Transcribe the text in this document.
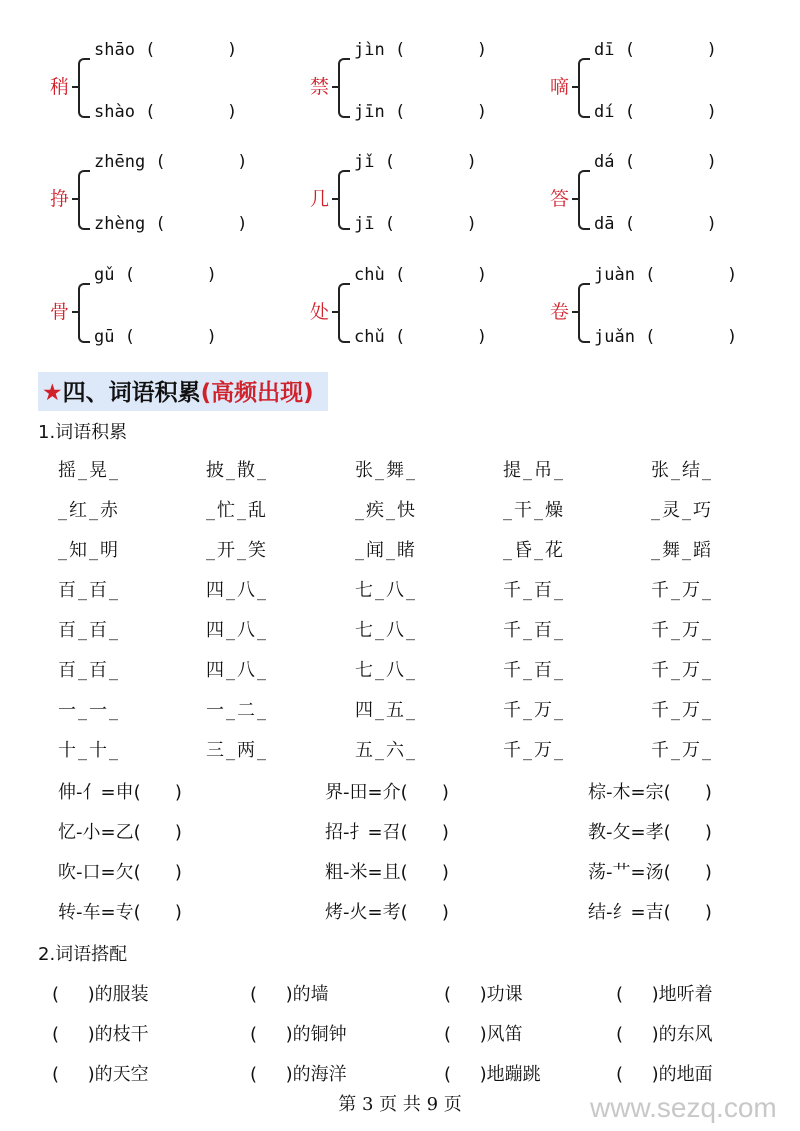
稍
shāo (       )
shào (       )
禁
jìn (       )
jīn (       )
嘀
dī (       )
dí (       )
挣
zhēng (       )
zhèng (       )
几
jǐ (       )
jī (       )
答
dá (       )
dā (       )
骨
gǔ (       )
gū (       )
处
chù (       )
chǔ (       )
卷
juàn (       )
juǎn (       )
★四、词语积累(高频出现)
1.词语积累
摇_晃_	披_散_	张_舞_	提_吊_	张_结_
_红_赤	_忙_乱	_疾_快	_干_燥	_灵_巧
_知_明	_开_笑	_闻_睹	_昏_花	_舞_蹈
百_百_	四_八_	七_八_	千_百_	千_万_
百_百_	四_八_	七_八_	千_百_	千_万_
百_百_	四_八_	七_八_	千_百_	千_万_
一_一_	一_二_	四_五_	千_万_	千_万_
十_十_	三_两_	五_六_	千_万_	千_万_
伸-亻=申(      )	界-田=介(      )	棕-木=宗(      )
忆-小=乙(      )	招-扌=召(      )	教-攵=孝(      )
吹-口=欠(      )	粗-米=且(      )	荡-艹=汤(      )
转-车=专(      )	烤-火=考(      )	结-纟=吉(      )
2.词语搭配
(     )的服装	(     )的墙	(     )功课	(     )地听着
(     )的枝干	(     )的铜钟	(     )风笛	(     )的东风
(     )的天空	(     )的海洋	(     )地蹦跳	(     )的地面
第 3 页 共 9 页	www.sezq.com
